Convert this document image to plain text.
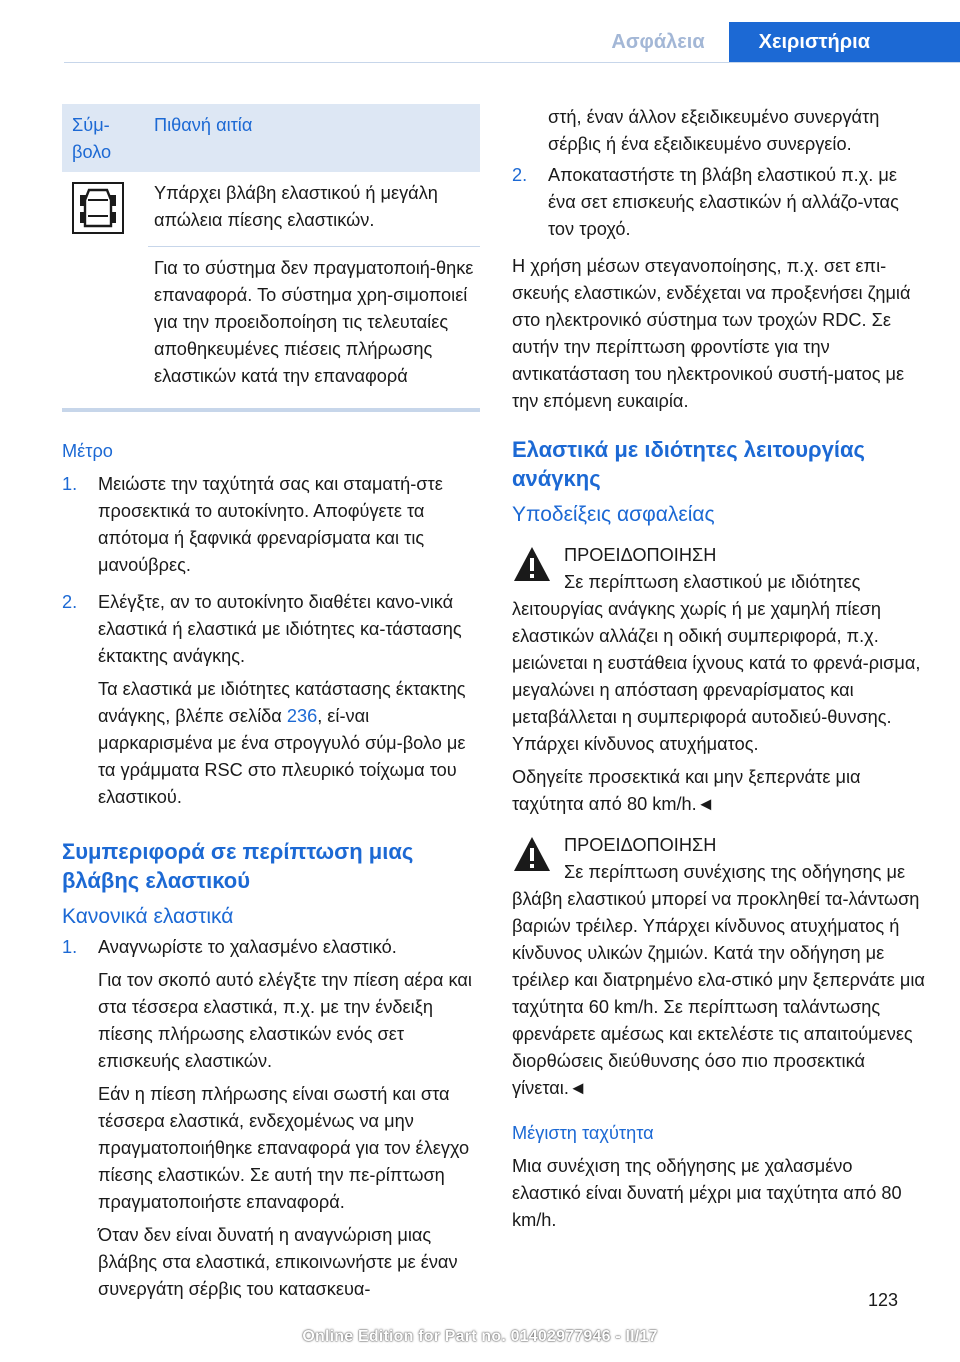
Ασφάλεια	Χειριστήρια
Σύμ-
βολο
Πιθανή αιτία
Υπάρχει βλάβη ελαστικού ή μεγάλη απώλεια πίεσης ελαστικών.
Για το σύστημα δεν πραγματοποιή-θηκε επαναφορά. Το σύστημα χρη-σιμοποιεί για την προειδοποίηση τις τελευταίες αποθηκευμένες πιέσεις πλήρωσης ελαστικών κατά την επαναφορά
Μέτρο
1.	Μειώστε την ταχύτητά σας και σταματή-στε προσεκτικά το αυτοκίνητο. Αποφύγετε τα απότομα ή ξαφνικά φρεναρίσματα και τις μανούβρες.

2.	Ελέγξτε, αν το αυτοκίνητο διαθέτει κανο-νικά ελαστικά ή ελαστικά με ιδιότητες κα-τάστασης έκτακτης ανάγκης.

Τα ελαστικά με ιδιότητες κατάστασης έκτακτης ανάγκης, βλέπε σελίδα 236, εί-ναι μαρκαρισμένα με ένα στρογγυλό σύμ-βολο με τα γράμματα RSC στο πλευρικό τοίχωμα του ελαστικού.

Συμπεριφορά σε περίπτωση μιας βλάβης ελαστικού
Κανονικά ελαστικά
1.	Αναγνωρίστε το χαλασμένο ελαστικό.

Για τον σκοπό αυτό ελέγξτε την πίεση αέρα και στα τέσσερα ελαστικά, π.χ. με την ένδειξη πίεσης πλήρωσης ελαστικών ενός σετ επισκευής ελαστικών.

Εάν η πίεση πλήρωσης είναι σωστή και στα τέσσερα ελαστικά, ενδεχομένως να μην πραγματοποιήθηκε επαναφορά για τον έλεγχο πίεσης ελαστικών. Σε αυτή την πε-ρίπτωση πραγματοποιήστε επαναφορά.

Όταν δεν είναι δυνατή η αναγνώριση μιας βλάβης στα ελαστικά, επικοινωνήστε με έναν συνεργάτη σέρβις του κατασκευα-

στή, έναν άλλον εξειδικευμένο συνεργάτη σέρβις ή ένα εξειδικευμένο συνεργείο.
2.	Αποκαταστήστε τη βλάβη ελαστικού π.χ. με ένα σετ επισκευής ελαστικών ή αλλάζο-ντας τον τροχό.

Η χρήση μέσων στεγανοποίησης, π.χ. σετ επι-σκευής ελαστικών, ενδέχεται να προξενήσει ζημιά στο ηλεκτρονικό σύστημα των τροχών RDC. Σε αυτήν την περίπτωση φροντίστε για την αντικατάσταση του ηλεκτρονικού συστή-ματος με την επόμενη ευκαιρία.

Ελαστικά με ιδιότητες λειτουργίας ανάγκης
Υποδείξεις ασφαλείας
ΠΡΟΕΙΔΟΠΟΙΗΣΗ

Σε περίπτωση ελαστικού με ιδιότητες λειτουργίας ανάγκης χωρίς ή με χαμηλή πίεση ελαστικών αλλάζει η οδική συμπεριφορά, π.χ. μειώνεται η ευστάθεια ίχνους κατά το φρενά-ρισμα, μεγαλώνει η απόσταση φρεναρίσματος και μεταβάλλεται η συμπεριφορά αυτοδιεύ-θυνσης. Υπάρχει κίνδυνος ατυχήματος.

Οδηγείτε προσεκτικά και μην ξεπερνάτε μια ταχύτητα από 80 km/h.◄

ΠΡΟΕΙΔΟΠΟΙΗΣΗ

Σε περίπτωση συνέχισης της οδήγησης με βλάβη ελαστικού μπορεί να προκληθεί τα-λάντωση βαριών τρέιλερ. Υπάρχει κίνδυνος ατυχήματος ή κίνδυνος υλικών ζημιών. Κατά την οδήγηση με τρέιλερ και διατρημένο ελα-στικό μην ξεπερνάτε μια ταχύτητα 60 km/h. Σε περίπτωση ταλάντωσης φρενάρετε αμέσως και εκτελέστε τις απαιτούμενες διορθώσεις διεύθυνσης όσο πιο προσεκτικά γίνεται.◄

Μέγιστη ταχύτητα

Μια συνέχιση της οδήγησης με χαλασμένο ελαστικό είναι δυνατή μέχρι μια ταχύτητα από 80 km/h.

123
Online Edition for Part no. 01402977946 - II/17
